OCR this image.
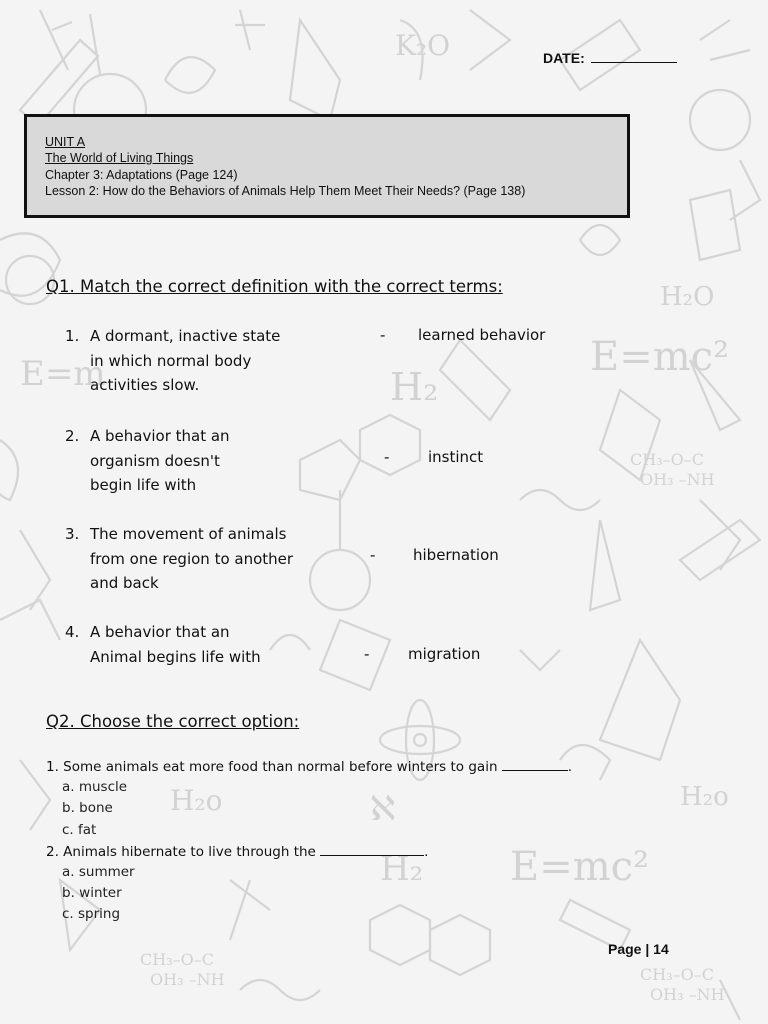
K₂O
H₂O
E=m	E=mc²
H₂
CH₃–O–C
OH₃ –NH
H₂o	ℵ	H₂o
E=mc²
H₂
CH₃–O–C
OH₃ –NH	CH₃–O–C
OH₃ –NH
DATE:
UNIT A
The World of Living Things
Chapter 3: Adaptations (Page 124)
Lesson 2: How do the Behaviors of Animals Help Them Meet Their Needs? (Page 138)
Q1. Match the correct definition with the correct terms:
1. A dormant, inactive state
in which normal body
activities slow.
- learned behavior
2. A behavior that an
organism doesn't
begin life with
-	instinct
3. The movement of animals
from one region to another
and back
-	hibernation
4. A behavior that an
Animal begins life with	-	migration
Q2. Choose the correct option:
1. Some animals eat more food than normal before winters to gain	.
a. muscle
b. bone
c. fat
2. Animals hibernate to live through the	.
a. summer
b. winter
c. spring
Page | 14
